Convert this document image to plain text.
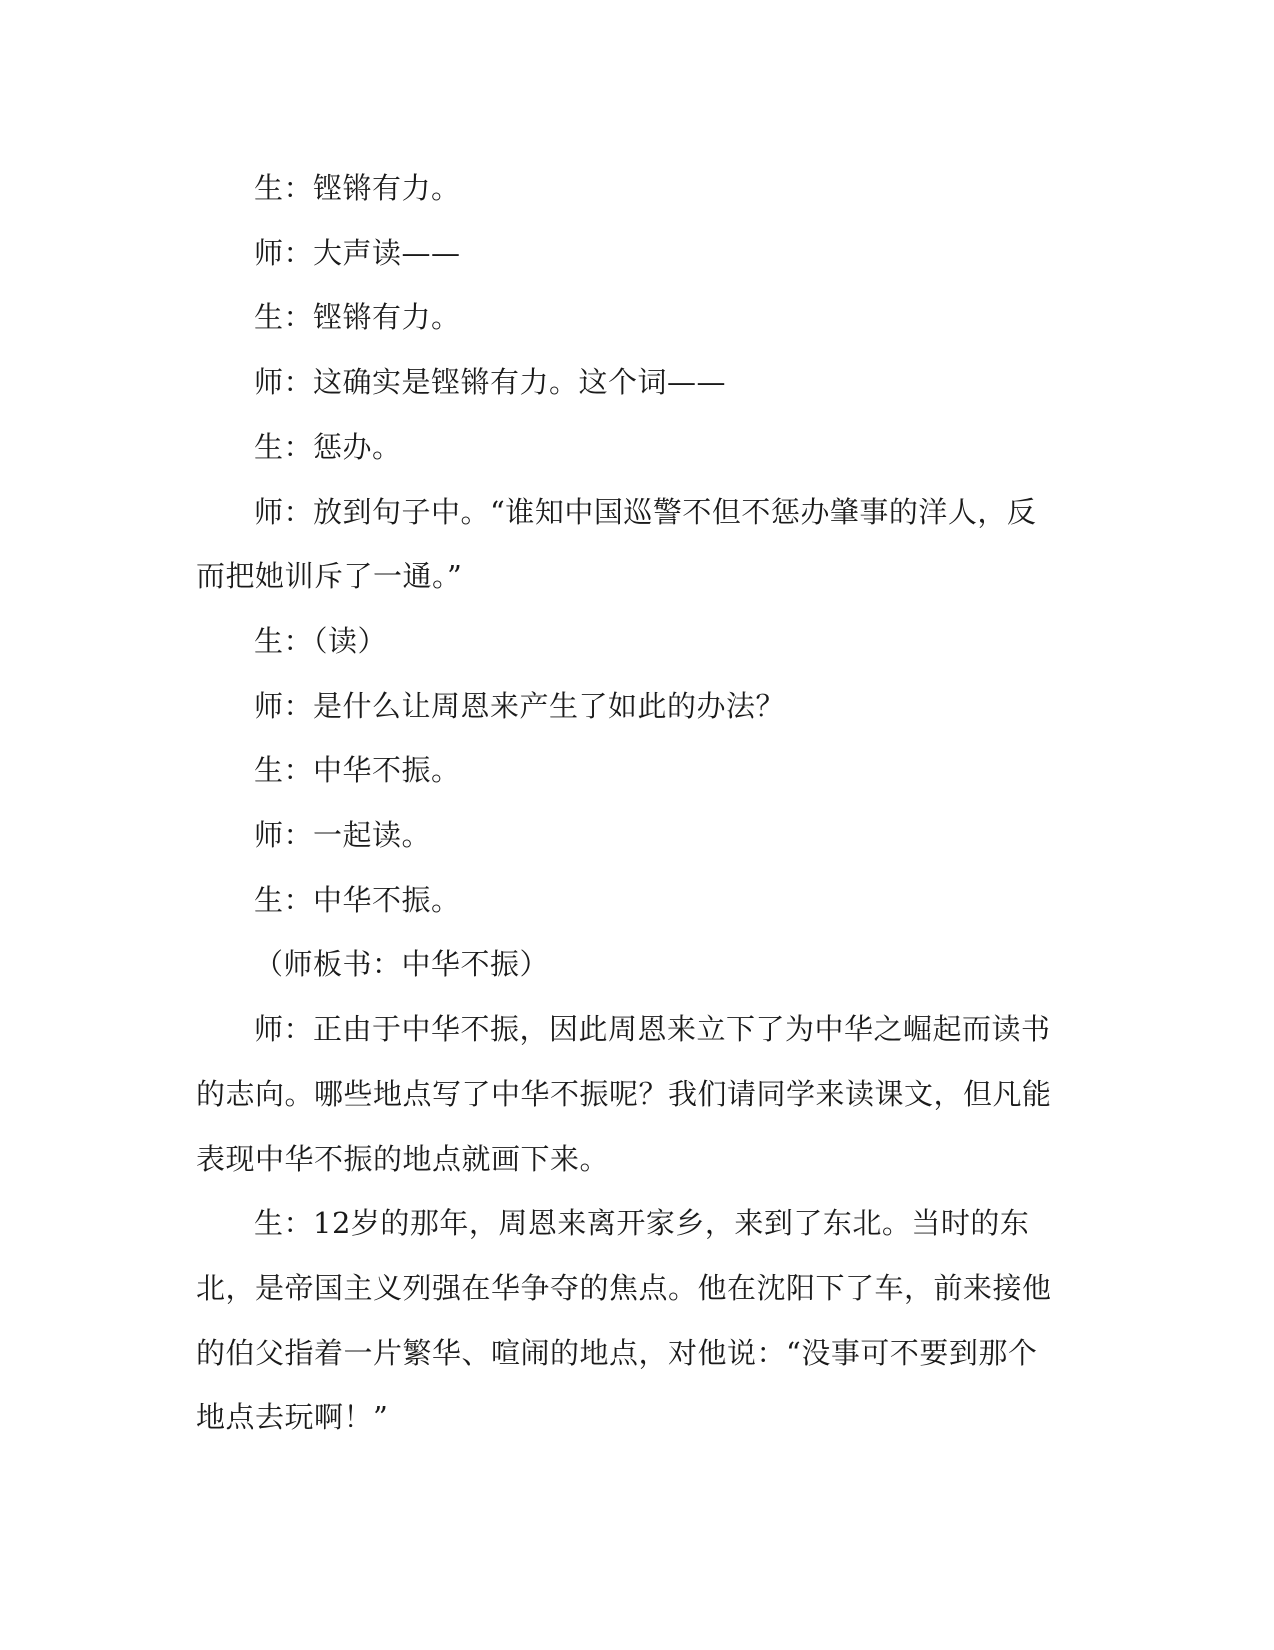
生：铿锵有力。

师：大声读——

生：铿锵有力。

师：这确实是铿锵有力。这个词——

生：惩办。

师：放到句子中。“谁知中国巡警不但不惩办肇事的洋人，反而把她训斥了一通。”

生：（读）

师：是什么让周恩来产生了如此的办法？

生：中华不振。

师：一起读。

生：中华不振。

（师板书：中华不振）

师：正由于中华不振，因此周恩来立下了为中华之崛起而读书的志向。哪些地点写了中华不振呢？我们请同学来读课文，但凡能表现中华不振的地点就画下来。

生：12岁的那年，周恩来离开家乡，来到了东北。当时的东北，是帝国主义列强在华争夺的焦点。他在沈阳下了车，前来接他的伯父指着一片繁华、喧闹的地点，对他说：“没事可不要到那个地点去玩啊！”
